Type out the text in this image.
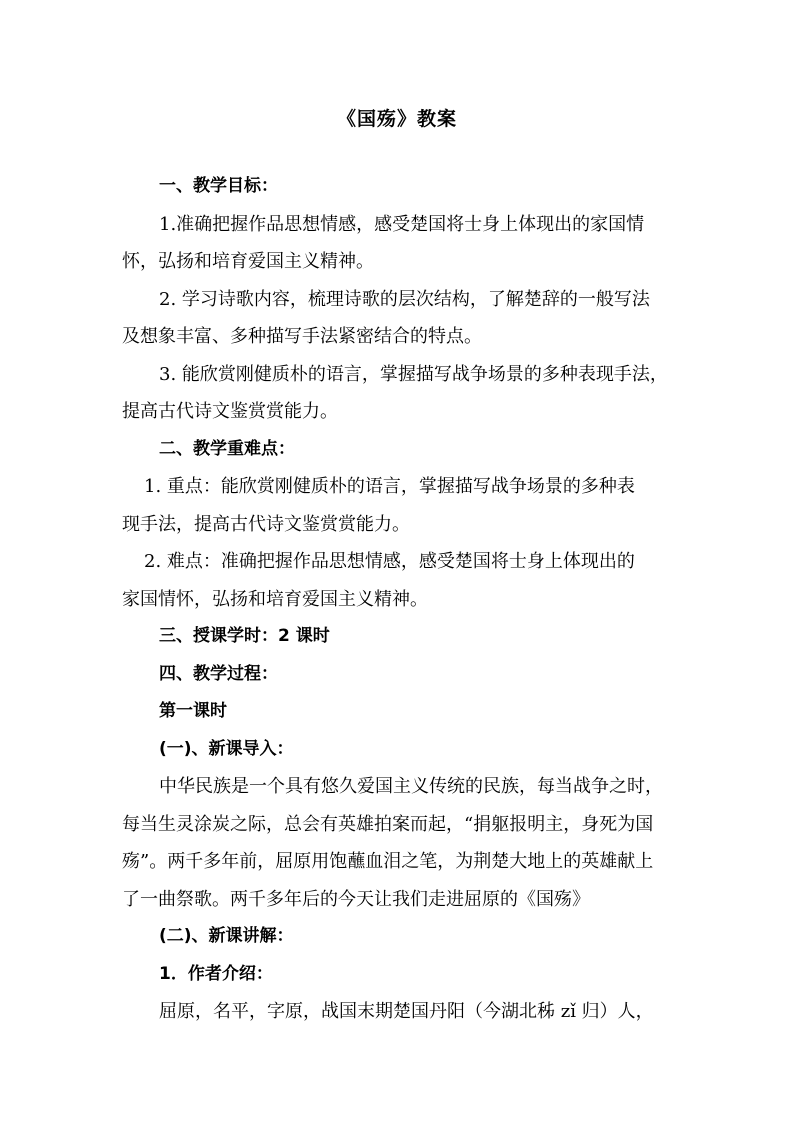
《国殇》教案
一、教学目标：
1.准确把握作品思想情感，感受楚国将士身上体现出的家国情
怀，弘扬和培育爱国主义精神。
2. 学习诗歌内容，梳理诗歌的层次结构，了解楚辞的一般写法
及想象丰富、多种描写手法紧密结合的特点。
3. 能欣赏刚健质朴的语言，掌握描写战争场景的多种表现手法，
提高古代诗文鉴赏赏能力。
二、教学重难点：
1. 重点：能欣赏刚健质朴的语言，掌握描写战争场景的多种表
现手法，提高古代诗文鉴赏赏能力。
2. 难点：准确把握作品思想情感，感受楚国将士身上体现出的
家国情怀，弘扬和培育爱国主义精神。
三、授课学时：2 课时
四、教学过程：
第一课时
(一)、新课导入：
中华民族是一个具有悠久爱国主义传统的民族，每当战争之时，
每当生灵涂炭之际，总会有英雄拍案而起，“捐躯报明主，身死为国
殇”。两千多年前，屈原用饱蘸血泪之笔，为荆楚大地上的英雄献上
了一曲祭歌。两千多年后的今天让我们走进屈原的《国殇》
(二)、新课讲解：
1．作者介绍：
屈原，名平，字原，战国末期楚国丹阳（今湖北秭 zǐ 归）人，
